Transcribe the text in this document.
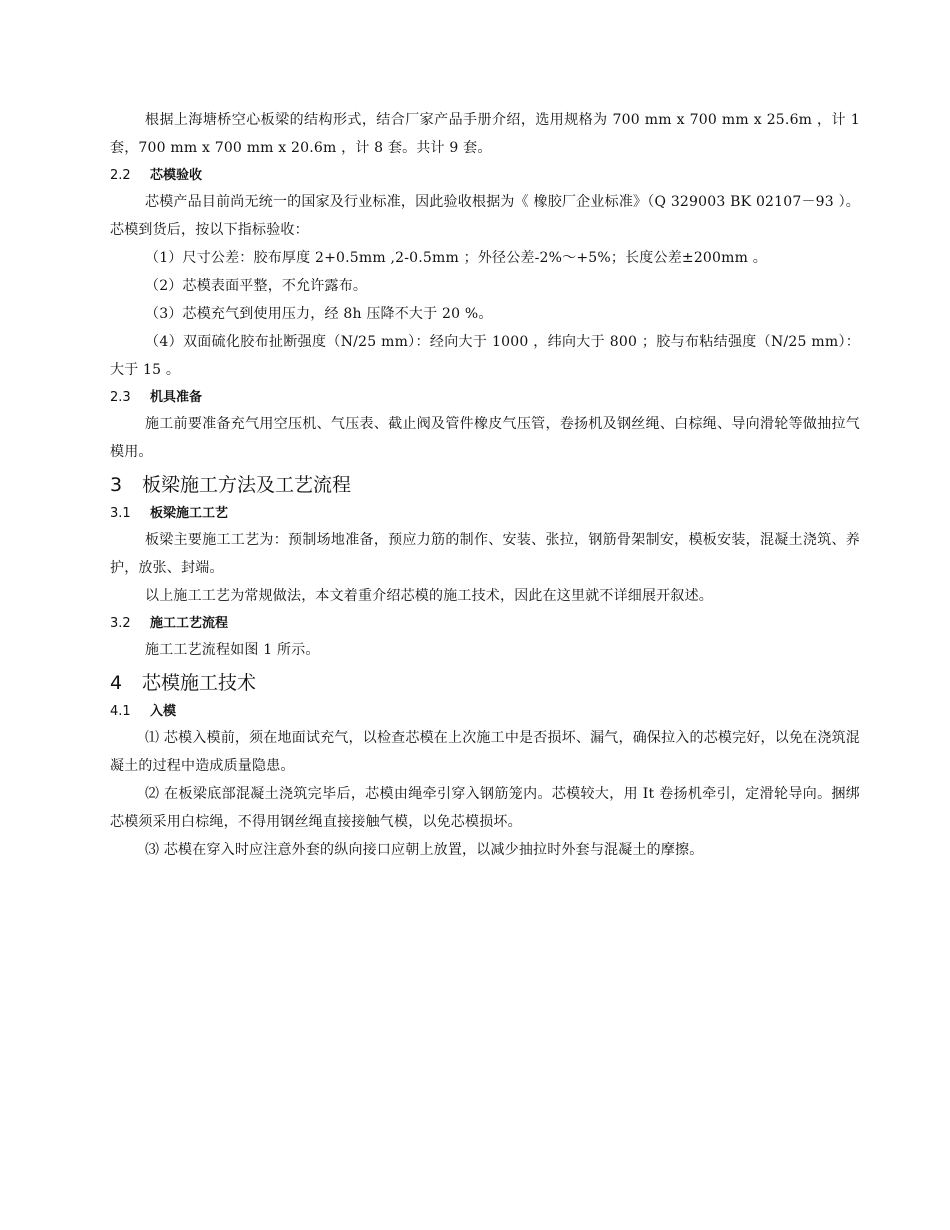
根据上海塘桥空心板梁的结构形式，结合厂家产品手册介绍，选用规格为 700 mm x 700 mm x 25.6m ，计 1 套，700 mm x 700 mm x 20.6m ，计 8 套。共计 9 套。

2.2 芯模验收

芯模产品目前尚无统一的国家及行业标准，因此验收根据为《 橡胶厂企业标准》（Q 329003 BK 02107－93 ）。芯模到货后，按以下指标验收：

（1）尺寸公差：胶布厚度 2+0.5mm ,2-0.5mm ；外径公差-2%～+5%；长度公差±200mm 。

（2）芯模表面平整，不允许露布。

（3）芯模充气到使用压力，经 8h 压降不大于 20 %。

（4）双面硫化胶布扯断强度（N/25 mm）：经向大于 1000 ，纬向大于 800 ；胶与布粘结强度（N/25 mm）：大于 15 。

2.3 机具准备

施工前要准备充气用空压机、气压表、截止阀及管件橡皮气压管，卷扬机及钢丝绳、白棕绳、导向滑轮等做抽拉气模用。

3 板梁施工方法及工艺流程
3.1 板梁施工工艺

板梁主要施工工艺为：预制场地准备，预应力筋的制作、安装、张拉，钢筋骨架制安，模板安装，混凝土浇筑、养护，放张、封端。

以上施工工艺为常规做法，本文着重介绍芯模的施工技术，因此在这里就不详细展开叙述。

3.2 施工工艺流程

施工工艺流程如图 1 所示。

4 芯模施工技术
4.1 入模

⑴ 芯模入模前，须在地面试充气，以检查芯模在上次施工中是否损坏、漏气，确保拉入的芯模完好，以免在浇筑混凝土的过程中造成质量隐患。

⑵ 在板梁底部混凝土浇筑完毕后，芯模由绳牵引穿入钢筋笼内。芯模较大，用 It 卷扬机牵引，定滑轮导向。捆绑芯模须采用白棕绳，不得用钢丝绳直接接触气模，以免芯模损坏。

⑶ 芯模在穿入时应注意外套的纵向接口应朝上放置，以减少抽拉时外套与混凝土的摩擦。
